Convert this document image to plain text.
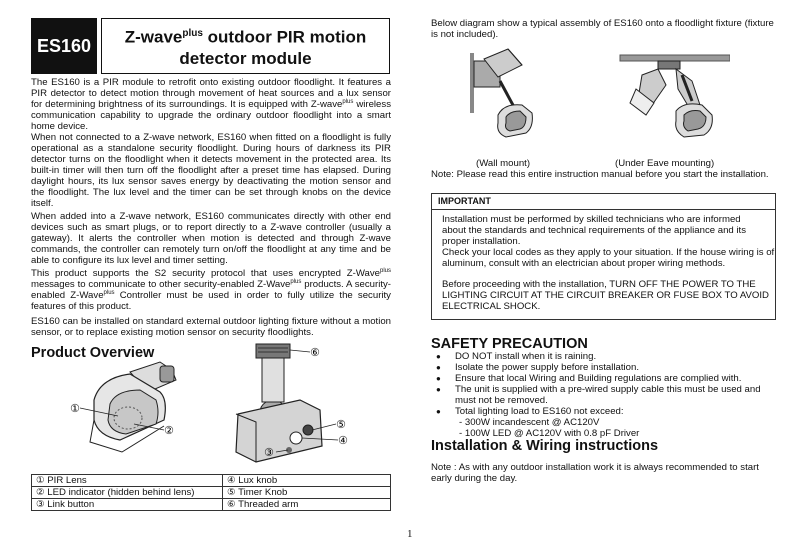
ES160 Z-wave$^{plus}$ outdoor PIR motion
detector module

The ES160 is a PIR module to retrofit onto existing outdoor floodlight. It features a PIR detector to detect motion through movement of heat sources and a lux sensor for determining brightness of its surroundings. It is equipped with Z-wave$^{plus}$ wireless communication capability to upgrade the ordinary outdoor floodlight into a smart home device.

When not connected to a Z-wave network, ES160 when fitted on a floodlight is fully operational as a standalone security floodlight. During hours of darkness its PIR detector turns on the floodlight when it detects movement in the protected area. Its built-in timer will then turn off the floodlight after a preset time has elapsed. During daylight hours, its lux sensor saves energy by deactivating the motion sensor and the floodlight. The lux level and the timer can be set through knobs on the device itself.

When added into a Z-wave network, ES160 communicates directly with other end devices such as smart plugs, or to report directly to a Z-wave controller (usually a gateway). It alerts the controller when motion is detected and through Z-wave commands, the controller can remotely turn on/off the floodlight at any time and be able to configure its lux level and timer setting.

This product supports the S2 security protocol that uses encrypted Z-Wave$^{plus}$ messages to communicate to other security-enabled Z-Wave$^{plus}$ products. A security-enabled Z-Wave$^{plus}$ Controller must be used in order to fully utilize the security features of this product.

ES160 can be installed on standard external outdoor lighting fixture without a motion sensor, or to replace existing motion sensor on security floodlights.

Product Overview
①
②
③
④
⑤
⑥
① PIR Lens	④ Lux knob
② LED indicator (hidden behind lens)	⑤ Timer Knob
③ Link button	⑥ Threaded arm
Below diagram show a typical assembly of ES160 onto a floodlight fixture (fixture is not included).
(Wall mount)	(Under Eave mounting)
Note: Please read this entire instruction manual before you start the installation.
IMPORTANT
Installation must be performed by skilled technicians who are informed
about the standards and technical requirements of the appliance and its
proper installation.
Check your local codes as they apply to your situation. If the house wiring is of
aluminum, consult with an electrician about proper wiring methods.
Before proceeding with the installation, TURN OFF THE POWER TO THE
LIGHTING CIRCUIT AT THE CIRCUIT BREAKER OR FUSE BOX TO AVOID
ELECTRICAL SHOCK.
SAFETY PRECAUTION
● DO NOT install when it is raining.
● Isolate the power supply before installation.
● Ensure that local Wiring and Building regulations are complied with.
● The unit is supplied with a pre-wired supply cable this must be used and must not be removed.
● Total lighting load to ES160 not exceed:
- 300W incandescent @ AC120V
- 100W LED @ AC120V with 0.8 pF Driver
Installation & Wiring instructions
Note : As with any outdoor installation work it is always recommended to start early during the day.
1
